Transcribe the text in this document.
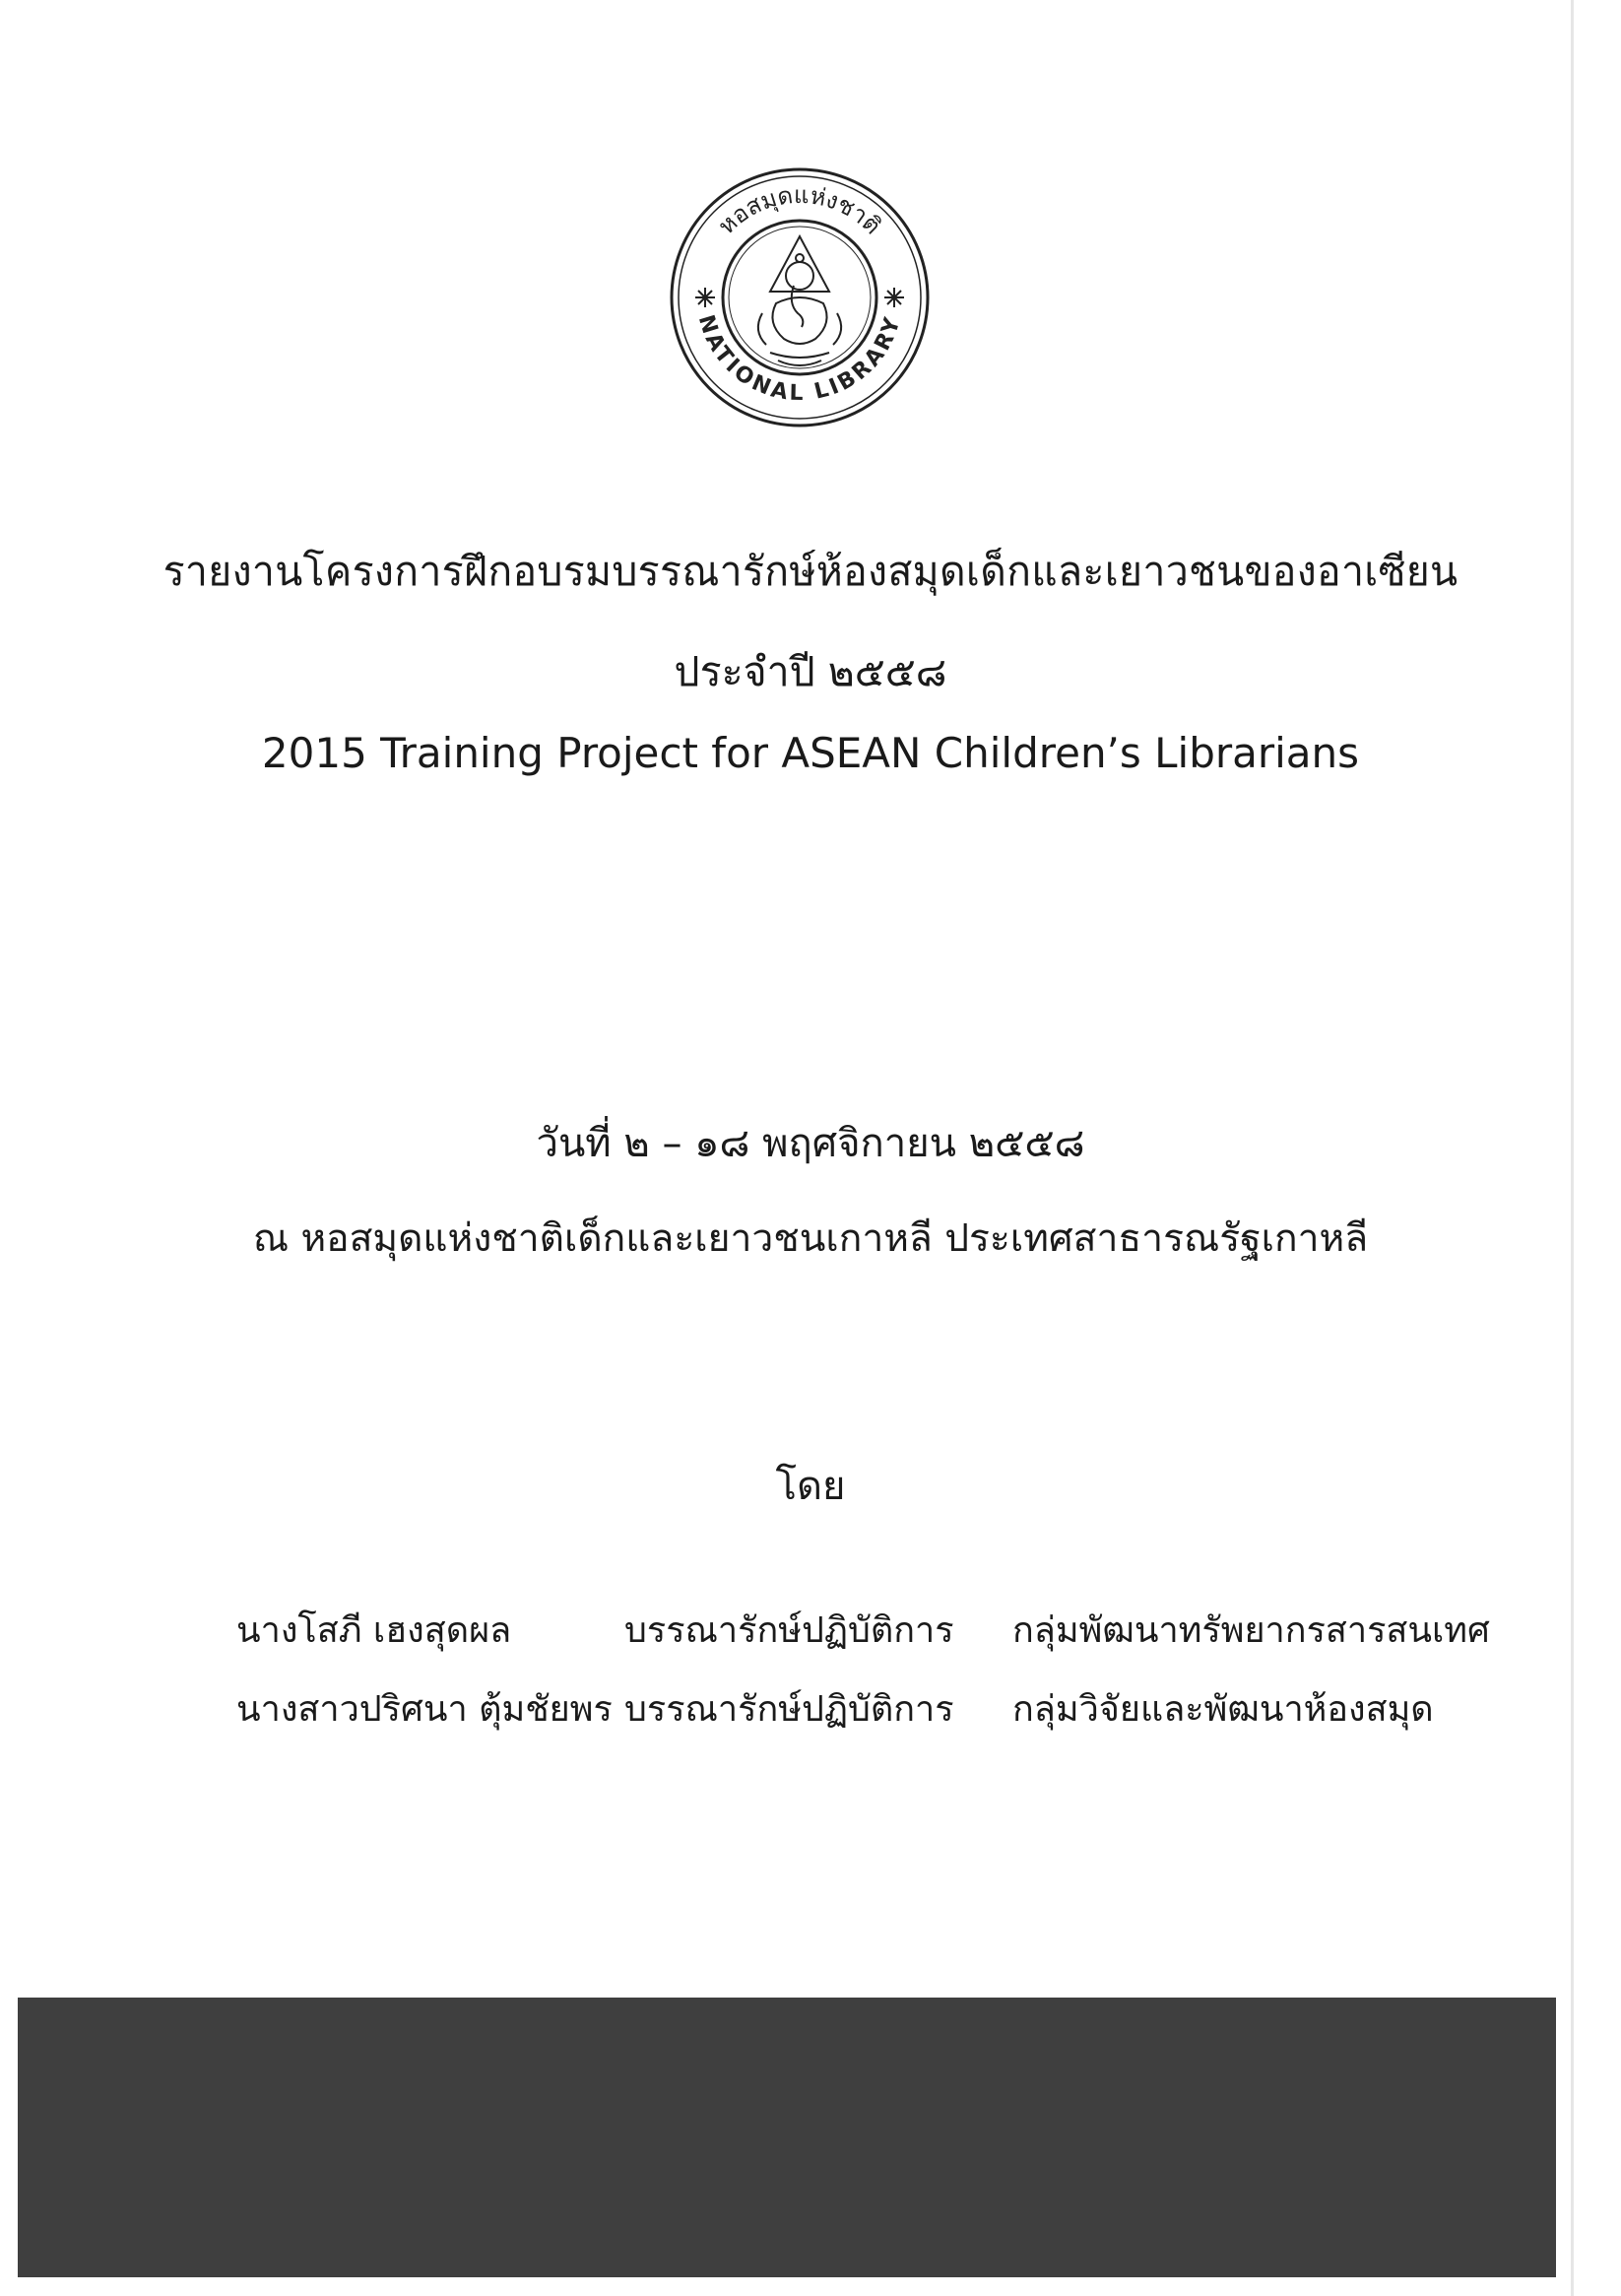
หอสมุดแห่งชาติ
NATIONAL LIBRARY
รายงานโครงการฝึกอบรมบรรณารักษ์ห้องสมุดเด็กและเยาวชนของอาเซียน
ประจำปี ๒๕๕๘
2015 Training Project for ASEAN Children’s Librarians
วันที่ ๒ – ๑๘ พฤศจิกายน ๒๕๕๘
ณ หอสมุดแห่งชาติเด็กและเยาวชนเกาหลี ประเทศสาธารณรัฐเกาหลี
โดย
นางโสภี เฮงสุดผล	บรรณารักษ์ปฏิบัติการ กลุ่มพัฒนาทรัพยากรสารสนเทศ
นางสาวปริศนา ตุ้มชัยพร บรรณารักษ์ปฏิบัติการ กลุ่มวิจัยและพัฒนาห้องสมุด
